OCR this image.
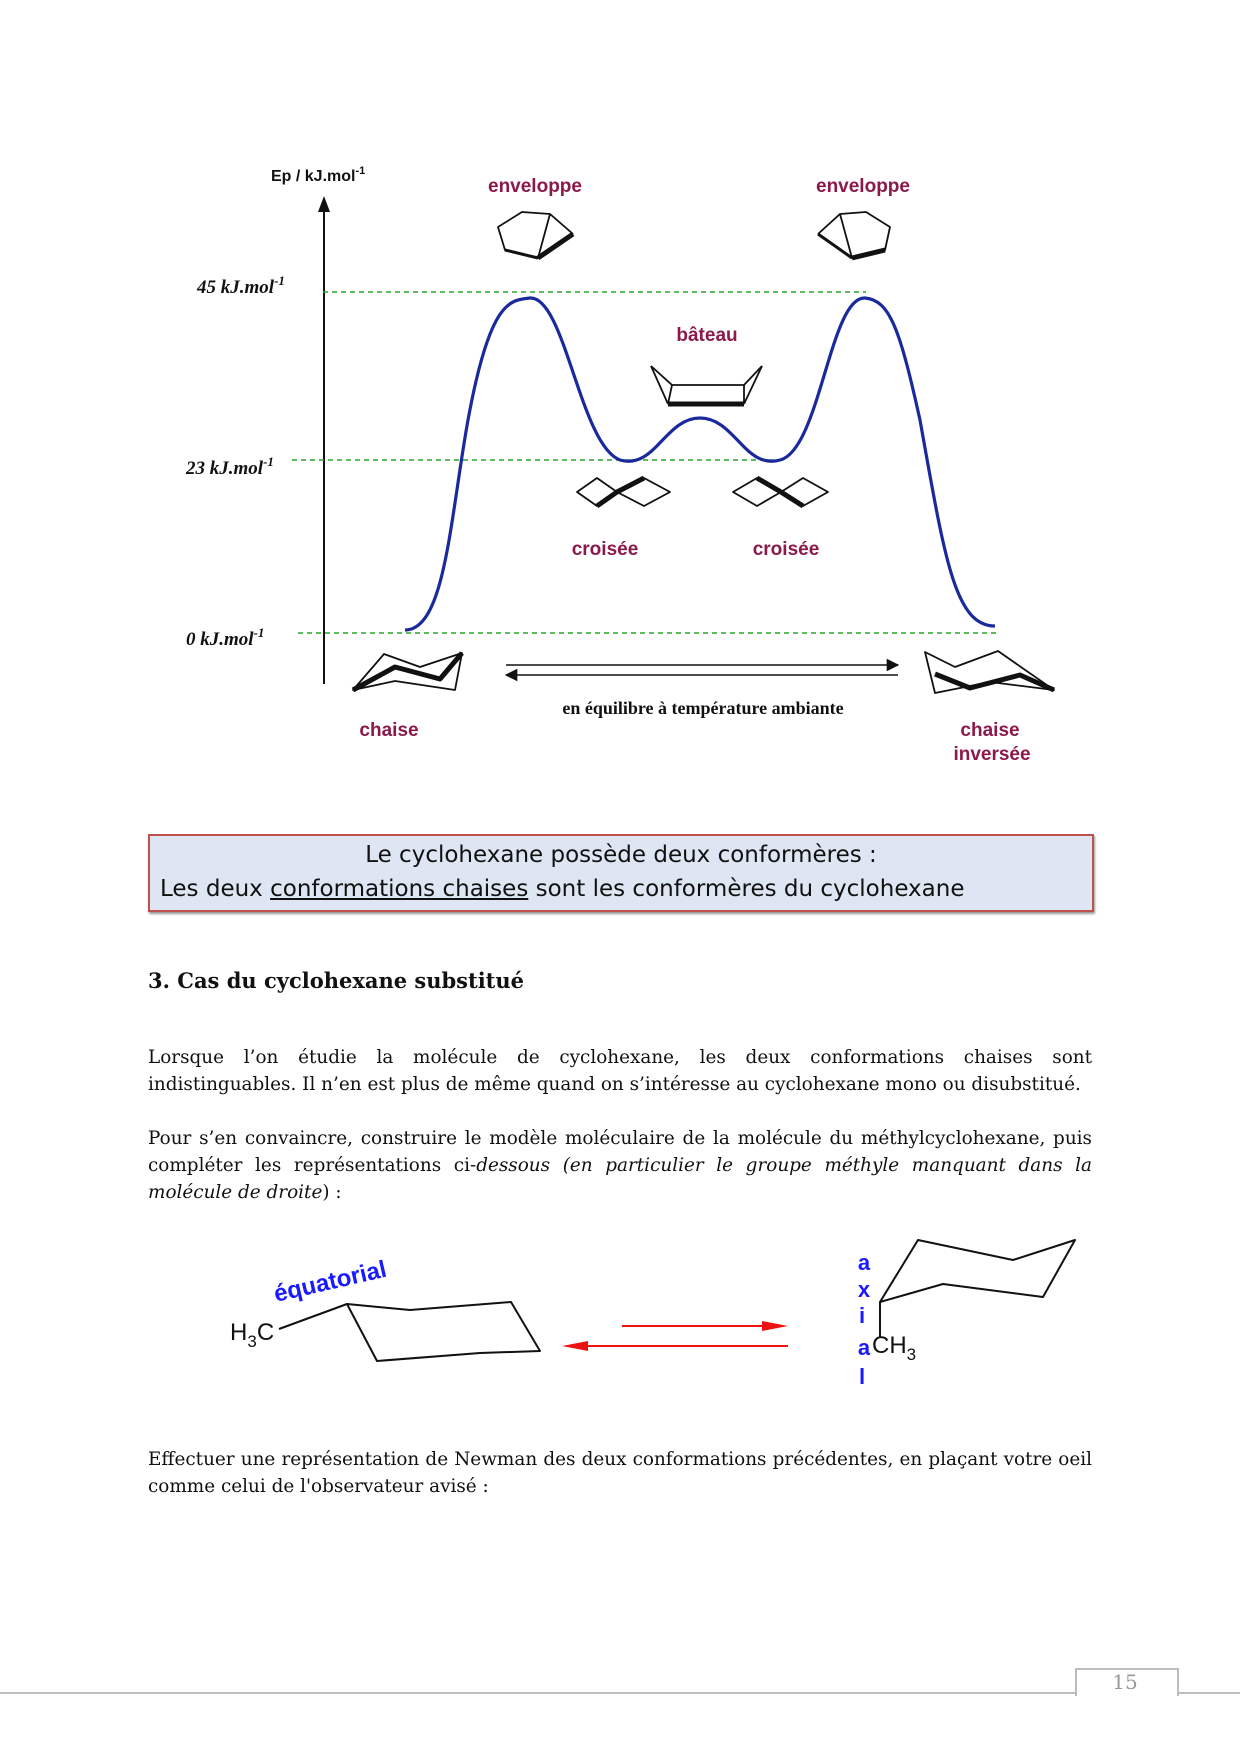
Ep / kJ.mol$^{-1}$
45 kJ.mol$^{-1}$
23 kJ.mol$^{-1}$
0 kJ.mol$^{-1}$
enveloppe	enveloppe
bâteau
croisée	croisée
chaise	chaise
inversée
en équilibre à température ambiante
Le cyclohexane possède deux conformères :
Les deux conformations chaises sont les conformères du cyclohexane
3. Cas du cyclohexane substitué
Lorsque l’on étudie la molécule de cyclohexane, les deux conformations chaises sont indistinguables. Il n’en est plus de même quand on s’intéresse au cyclohexane mono ou disubstitué.
Pour s’en convaincre, construire le modèle moléculaire de la molécule du méthylcyclohexane, puis compléter les représentations ci-dessous (en particulier le groupe méthyle manquant dans la molécule de droite) :
$H_3C$
équatorial
$CH_3$
a
x
i
a
l
Effectuer une représentation de Newman des deux conformations précédentes, en plaçant votre oeil comme celui de l'observateur avisé :
15
